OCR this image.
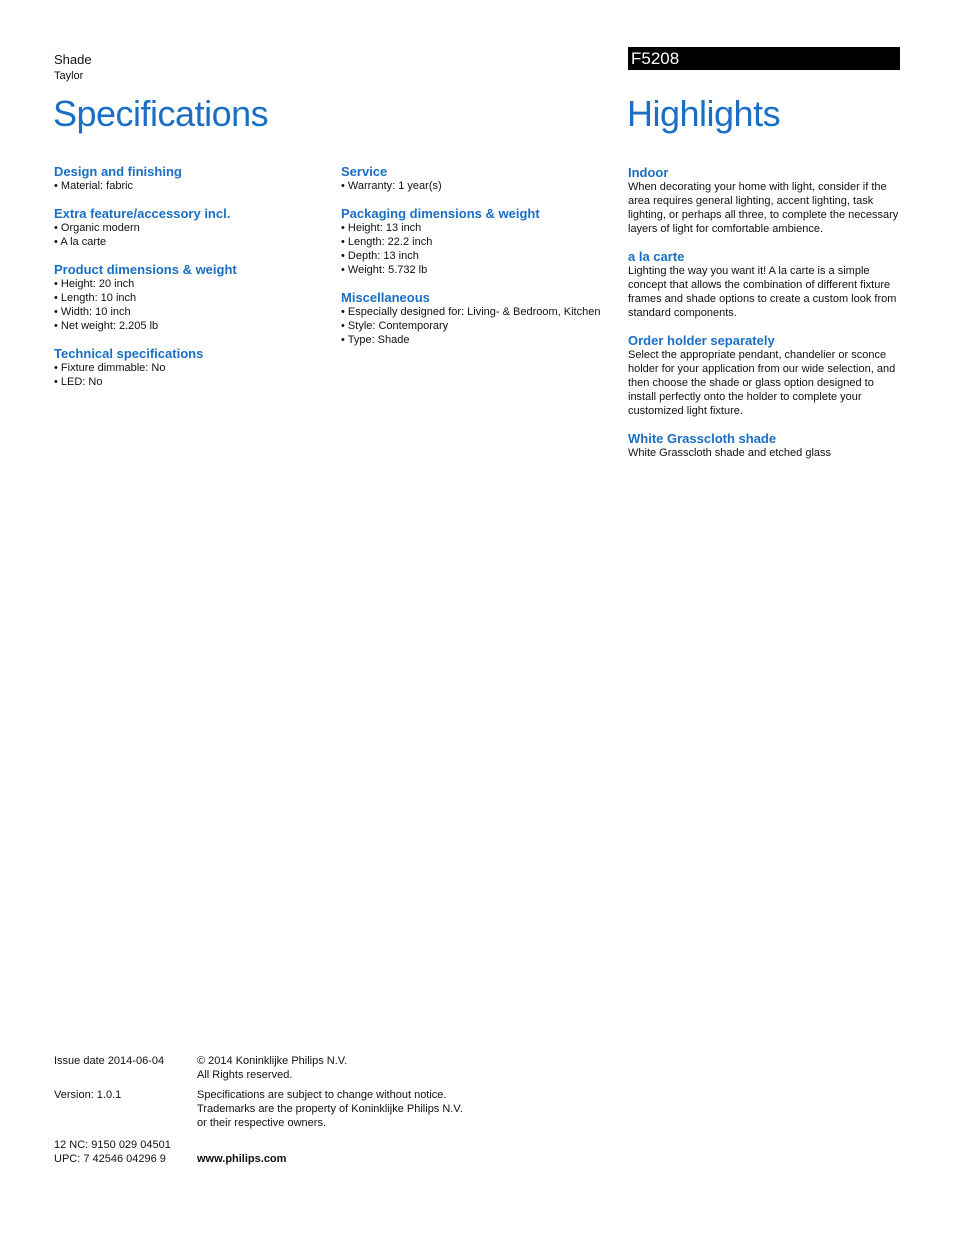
Shade
Taylor
F5208
Specifications	Highlights
Design and finishing
• Material: fabric
Extra feature/accessory incl.
• Organic modern
• A la carte
Product dimensions & weight
• Height: 20 inch
• Length: 10 inch
• Width: 10 inch
• Net weight: 2.205 lb
Technical specifications
• Fixture dimmable: No
• LED: No
Service
• Warranty: 1 year(s)
Packaging dimensions & weight
• Height: 13 inch
• Length: 22.2 inch
• Depth: 13 inch
• Weight: 5.732 lb
Miscellaneous
• Especially designed for: Living- & Bedroom, Kitchen
• Style: Contemporary
• Type: Shade
Indoor
When decorating your home with light, consider if the area requires general lighting, accent lighting, task lighting, or perhaps all three, to complete the necessary layers of light for comfortable ambience.
a la carte
Lighting the way you want it! A la carte is a simple concept that allows the combination of different fixture frames and shade options to create a custom look from standard components.
Order holder separately
Select the appropriate pendant, chandelier or sconce holder for your application from our wide selection, and then choose the shade or glass option designed to install perfectly onto the holder to complete your customized light fixture.
White Grasscloth shade
White Grasscloth shade and etched glass
Issue date 2014-06-04
Version: 1.0.1
12 NC: 9150 029 04501
UPC: 7 42546 04296 9
© 2014 Koninklijke Philips N.V.
All Rights reserved.
Specifications are subject to change without notice.
Trademarks are the property of Koninklijke Philips N.V.
or their respective owners.
www.philips.com
